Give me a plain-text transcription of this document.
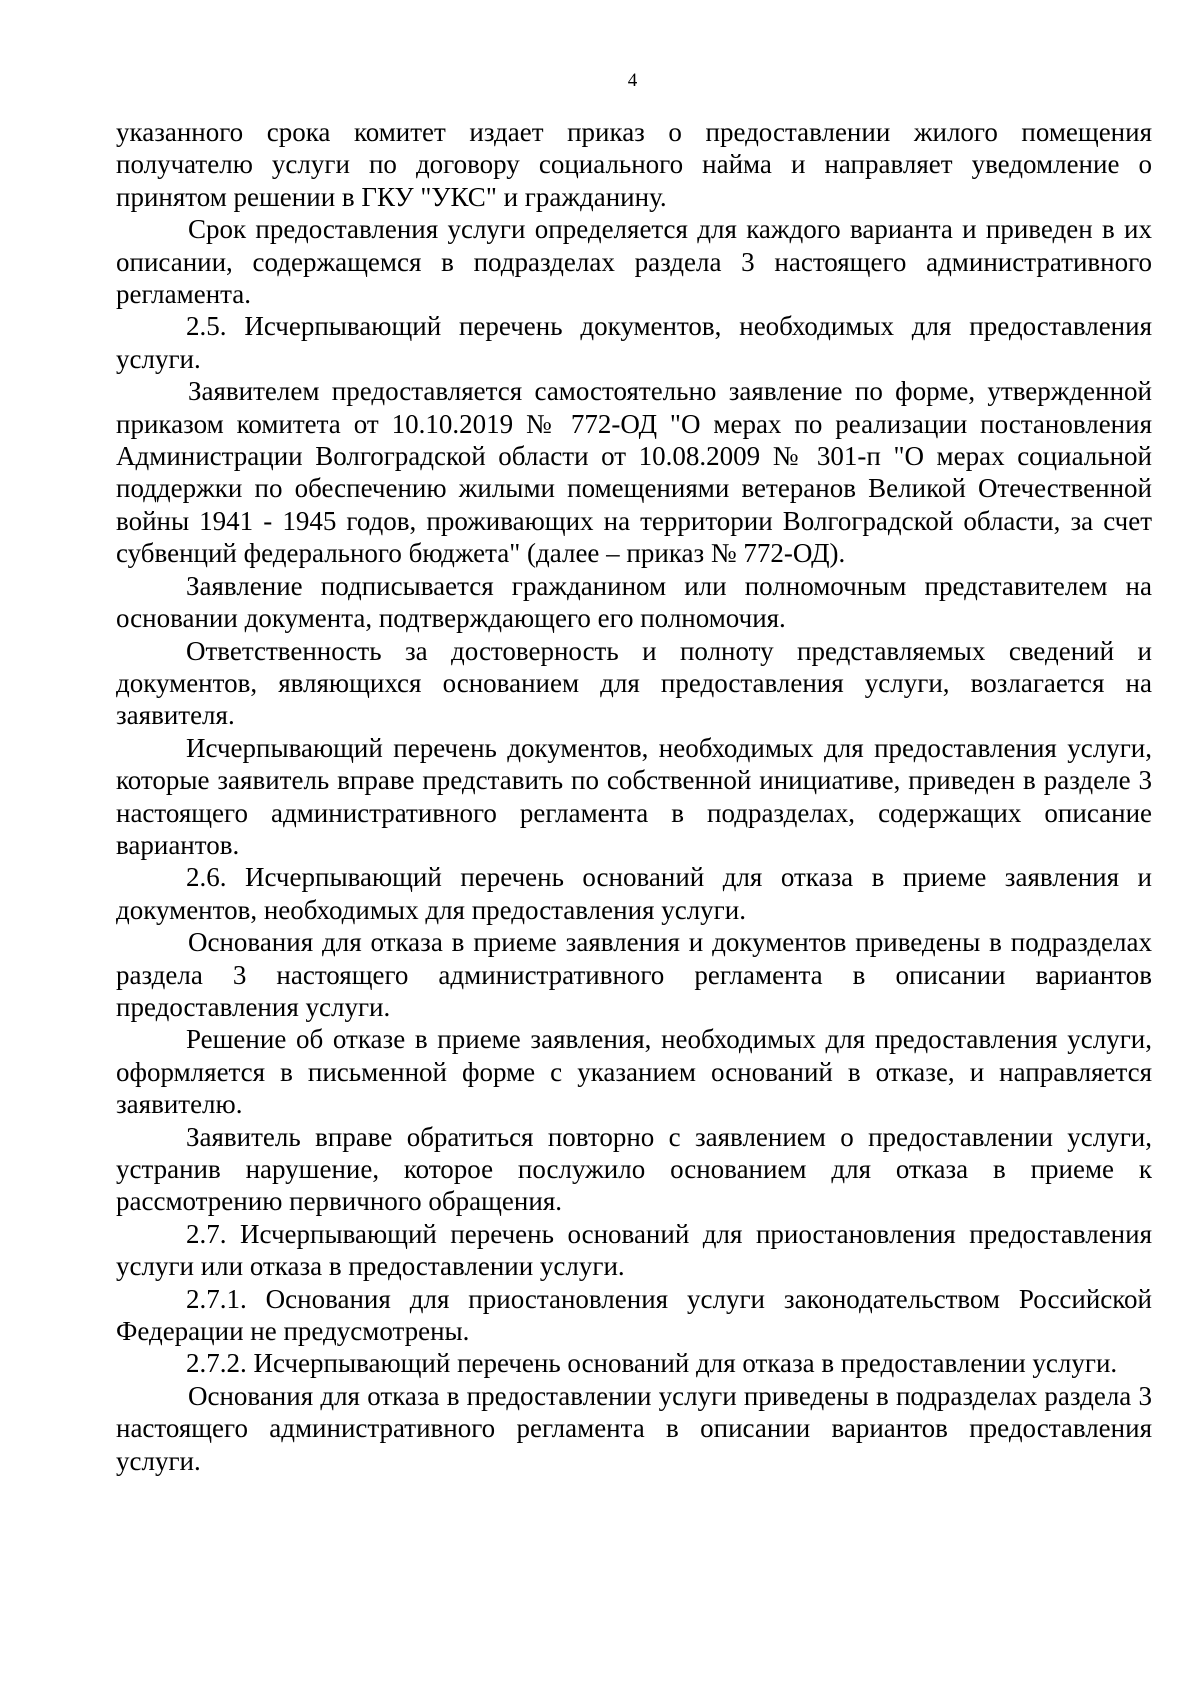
4

указанного срока комитет издает приказ о предоставлении жилого помещения получателю услуги по договору социального найма и направляет уведомление о принятом решении в ГКУ "УКС" и гражданину.

Срок предоставления услуги определяется для каждого варианта и приведен в их описании, содержащемся в подразделах раздела 3 настоящего административного регламента.

2.5. Исчерпывающий перечень документов, необходимых для предоставления услуги.

Заявителем предоставляется самостоятельно заявление по форме, утвержденной приказом комитета от 10.10.2019 № 772-ОД "О мерах по реализации постановления Администрации Волгоградской области от 10.08.2009 № 301-п "О мерах социальной поддержки по обеспечению жилыми помещениями ветеранов Великой Отечественной войны 1941 - 1945 годов, проживающих на территории Волгоградской области, за счет субвенций федерального бюджета" (далее – приказ № 772-ОД).

Заявление подписывается гражданином или полномочным представителем на основании документа, подтверждающего его полномочия.

Ответственность за достоверность и полноту представляемых сведений и документов, являющихся основанием для предоставления услуги, возлагается на заявителя.

Исчерпывающий перечень документов, необходимых для предоставления услуги, которые заявитель вправе представить по собственной инициативе, приведен в разделе 3 настоящего административного регламента в подразделах, содержащих описание вариантов.

2.6. Исчерпывающий перечень оснований для отказа в приеме заявления и документов, необходимых для предоставления услуги.

Основания для отказа в приеме заявления и документов приведены в подразделах раздела 3 настоящего административного регламента в описании вариантов предоставления услуги.

Решение об отказе в приеме заявления, необходимых для предоставления услуги, оформляется в письменной форме с указанием оснований в отказе, и направляется заявителю.

Заявитель вправе обратиться повторно с заявлением о предоставлении услуги, устранив нарушение, которое послужило основанием для отказа в приеме к рассмотрению первичного обращения.

2.7. Исчерпывающий перечень оснований для приостановления предоставления услуги или отказа в предоставлении услуги.

2.7.1. Основания для приостановления услуги законодательством Российской Федерации не предусмотрены.

2.7.2. Исчерпывающий перечень оснований для отказа в предоставлении услуги.

Основания для отказа в предоставлении услуги приведены в подразделах раздела 3 настоящего административного регламента в описании вариантов предоставления услуги.
